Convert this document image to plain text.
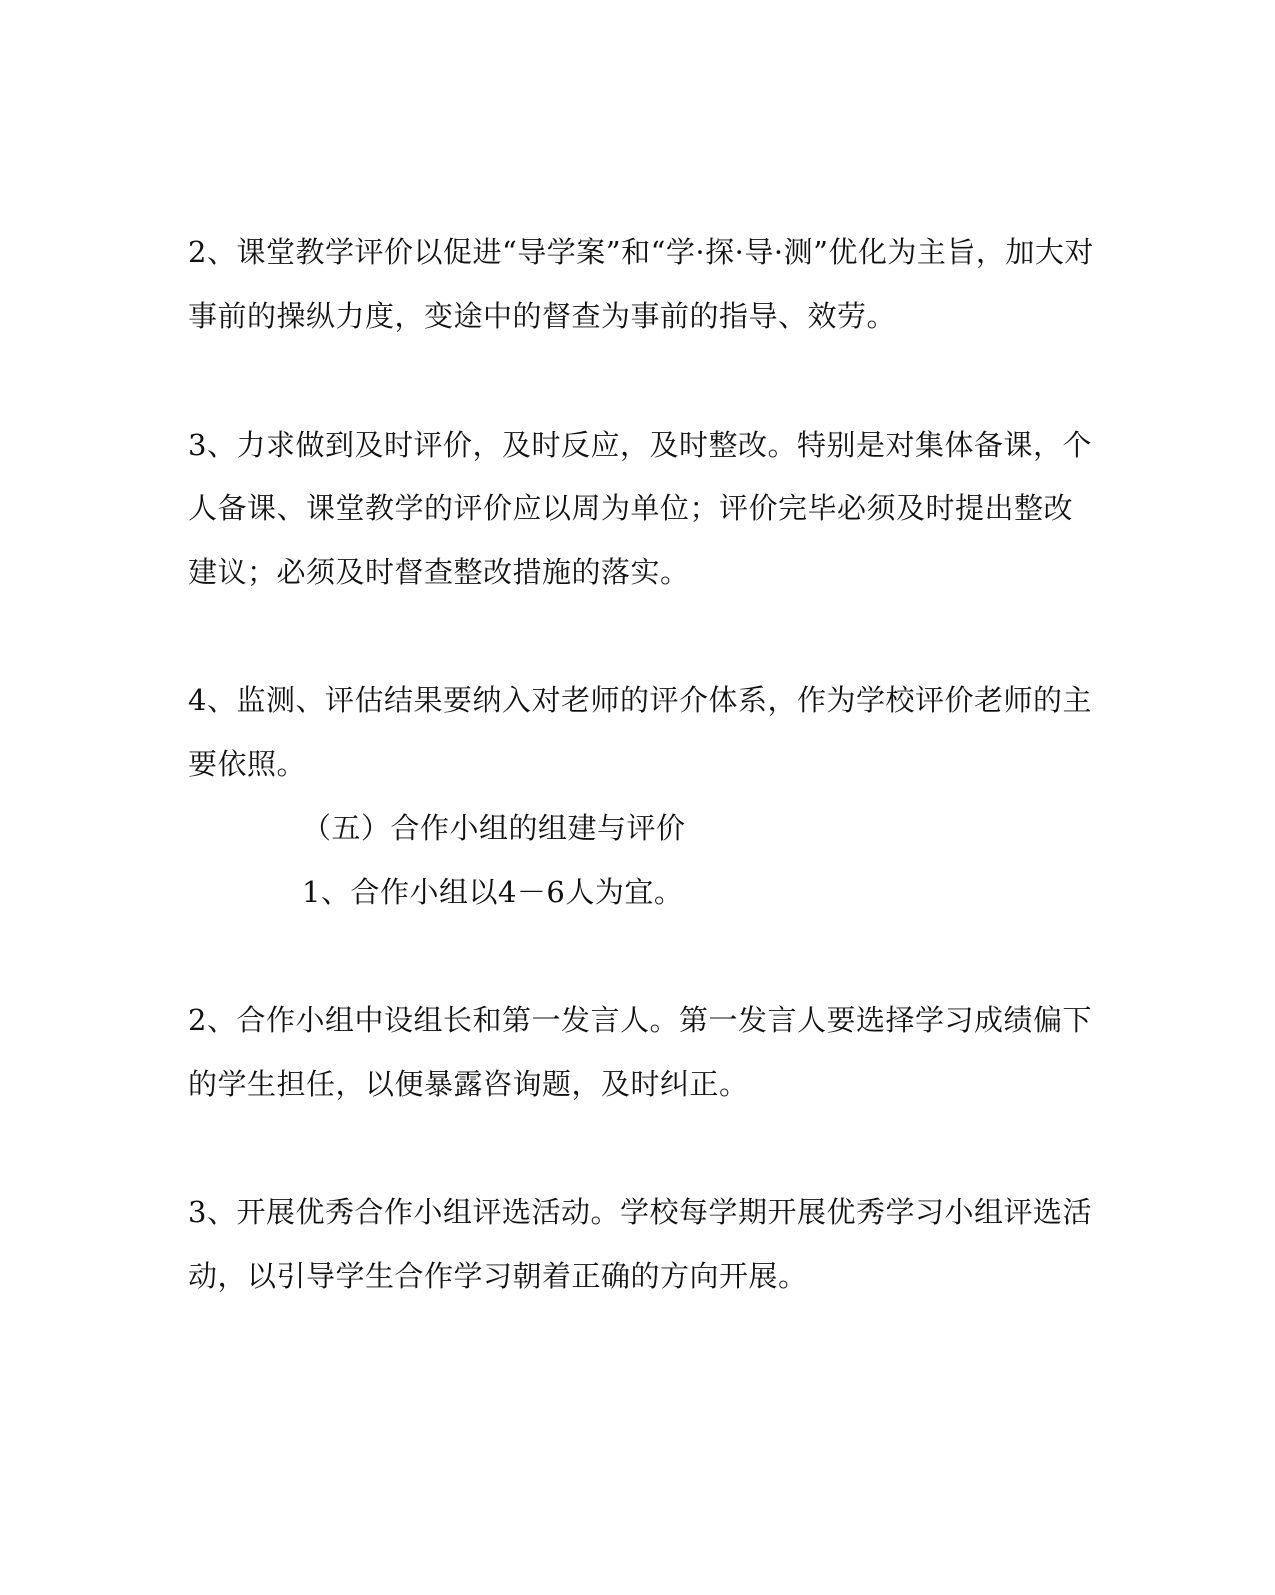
2、课堂教学评价以促进“导学案”和“学·探·导·测”优化为主旨，加大对
事前的操纵力度，变途中的督查为事前的指导、效劳。
3、力求做到及时评价，及时反应，及时整改。特别是对集体备课，个
人备课、课堂教学的评价应以周为单位；评价完毕必须及时提出整改
建议；必须及时督查整改措施的落实。
4、监测、评估结果要纳入对老师的评介体系，作为学校评价老师的主
要依照。
（五）合作小组的组建与评价
1、合作小组以4－6人为宜。
2、合作小组中设组长和第一发言人。第一发言人要选择学习成绩偏下
的学生担任，以便暴露咨询题，及时纠正。
3、开展优秀合作小组评选活动。学校每学期开展优秀学习小组评选活
动，以引导学生合作学习朝着正确的方向开展。
